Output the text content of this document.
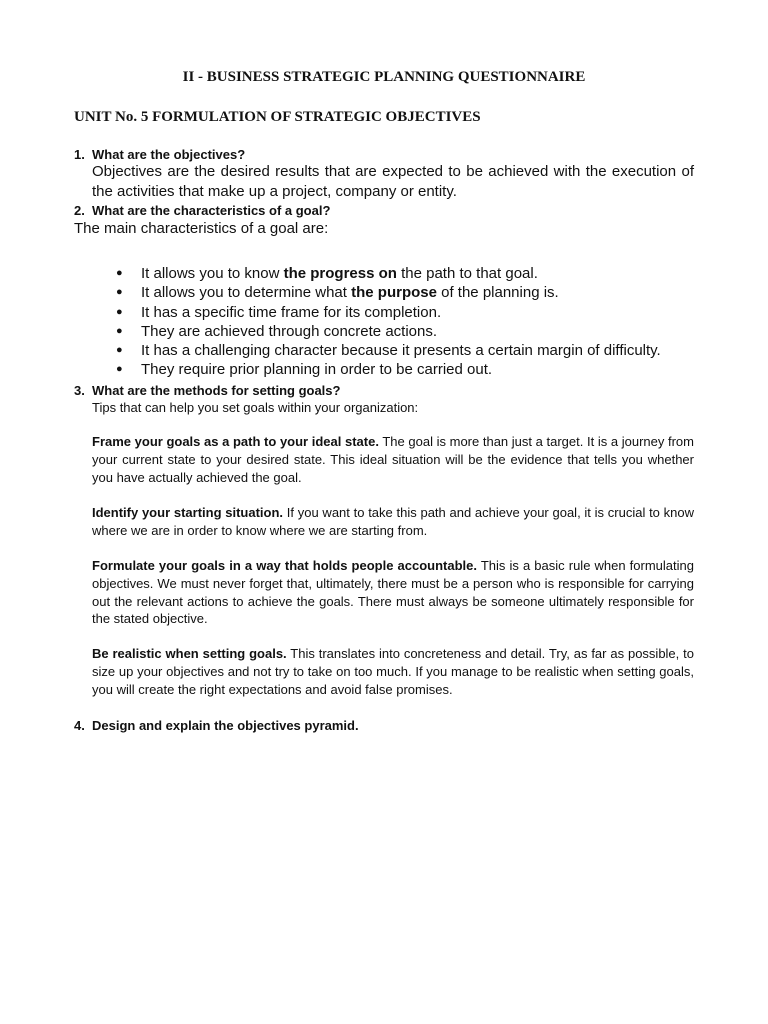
II - BUSINESS STRATEGIC PLANNING QUESTIONNAIRE
UNIT No. 5 FORMULATION OF STRATEGIC OBJECTIVES
1. What are the objectives?
Objectives are the desired results that are expected to be achieved with the execution of the activities that make up a project, company or entity.
2. What are the characteristics of a goal?
The main characteristics of a goal are:
● It allows you to know the progress on the path to that goal.
● It allows you to determine what the purpose of the planning is.
● It has a specific time frame for its completion.
● They are achieved through concrete actions.
● It has a challenging character because it presents a certain margin of difficulty.
● They require prior planning in order to be carried out.
3. What are the methods for setting goals?
Tips that can help you set goals within your organization:
Frame your goals as a path to your ideal state. The goal is more than just a target. It is a journey from your current state to your desired state. This ideal situation will be the evidence that tells you whether you have actually achieved the goal.
Identify your starting situation. If you want to take this path and achieve your goal, it is crucial to know where we are in order to know where we are starting from.
Formulate your goals in a way that holds people accountable. This is a basic rule when formulating objectives. We must never forget that, ultimately, there must be a person who is responsible for carrying out the relevant actions to achieve the goals. There must always be someone ultimately responsible for the stated objective.
Be realistic when setting goals. This translates into concreteness and detail. Try, as far as possible, to size up your objectives and not try to take on too much. If you manage to be realistic when setting goals, you will create the right expectations and avoid false promises.
4. Design and explain the objectives pyramid.
